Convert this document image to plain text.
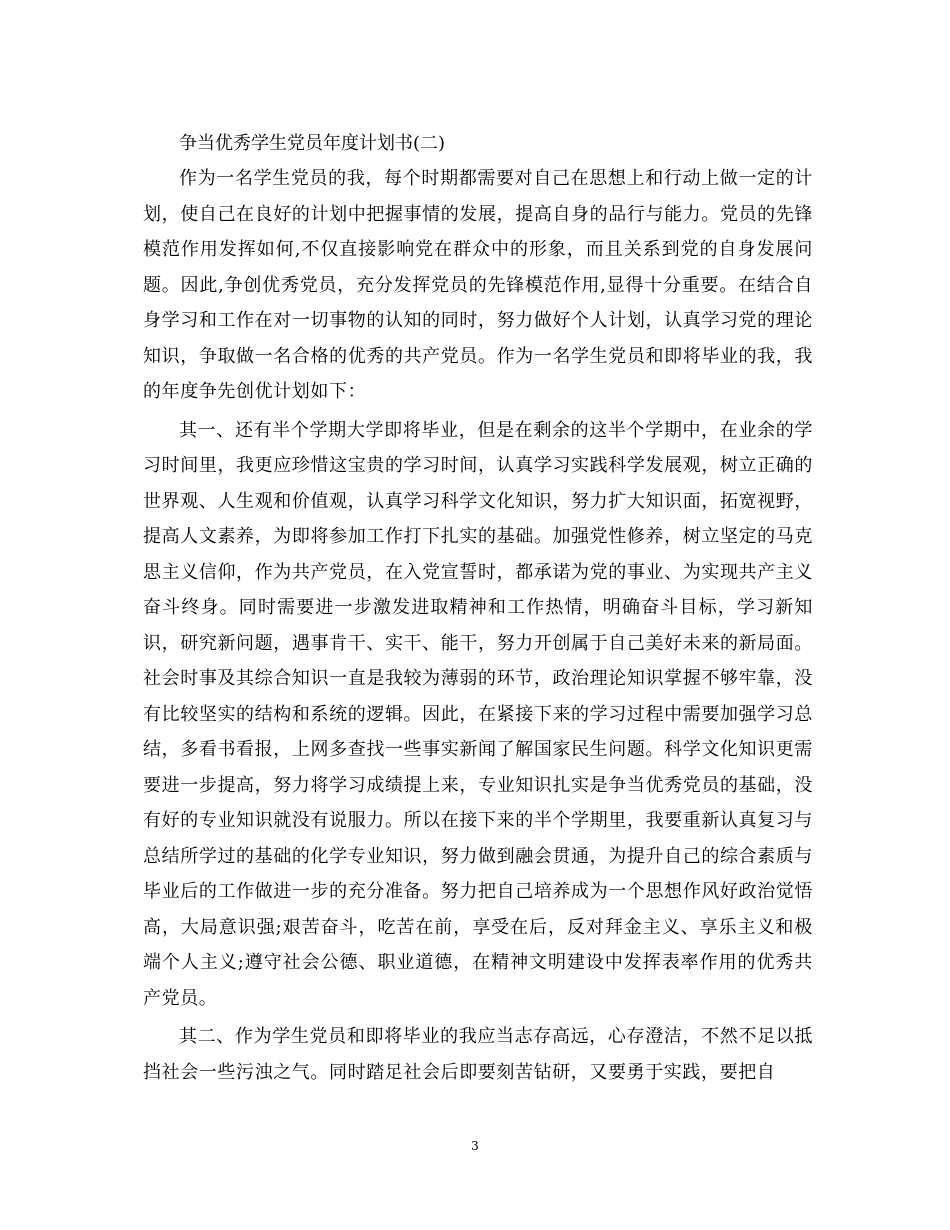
争当优秀学生党员年度计划书(二)

作为一名学生党员的我，每个时期都需要对自己在思想上和行动上做一定的计划，使自己在良好的计划中把握事情的发展，提高自身的品行与能力。党员的先锋模范作用发挥如何,不仅直接影响党在群众中的形象，而且关系到党的自身发展问题。因此,争创优秀党员，充分发挥党员的先锋模范作用,显得十分重要。在结合自身学习和工作在对一切事物的认知的同时，努力做好个人计划，认真学习党的理论知识，争取做一名合格的优秀的共产党员。作为一名学生党员和即将毕业的我，我的年度争先创优计划如下：

其一、还有半个学期大学即将毕业，但是在剩余的这半个学期中，在业余的学习时间里，我更应珍惜这宝贵的学习时间，认真学习实践科学发展观，树立正确的世界观、人生观和价值观，认真学习科学文化知识，努力扩大知识面，拓宽视野，提高人文素养，为即将参加工作打下扎实的基础。加强党性修养，树立坚定的马克思主义信仰，作为共产党员，在入党宣誓时，都承诺为党的事业、为实现共产主义奋斗终身。同时需要进一步激发进取精神和工作热情，明确奋斗目标，学习新知识，研究新问题，遇事肯干、实干、能干，努力开创属于自己美好未来的新局面。社会时事及其综合知识一直是我较为薄弱的环节，政治理论知识掌握不够牢靠，没有比较坚实的结构和系统的逻辑。因此，在紧接下来的学习过程中需要加强学习总结，多看书看报，上网多查找一些事实新闻了解国家民生问题。科学文化知识更需要进一步提高，努力将学习成绩提上来，专业知识扎实是争当优秀党员的基础，没有好的专业知识就没有说服力。所以在接下来的半个学期里，我要重新认真复习与总结所学过的基础的化学专业知识，努力做到融会贯通，为提升自己的综合素质与毕业后的工作做进一步的充分准备。努力把自己培养成为一个思想作风好政治觉悟高，大局意识强;艰苦奋斗，吃苦在前，享受在后，反对拜金主义、享乐主义和极端个人主义;遵守社会公德、职业道德，在精神文明建设中发挥表率作用的优秀共产党员。

其二、作为学生党员和即将毕业的我应当志存高远，心存澄洁，不然不足以抵挡社会一些污浊之气。同时踏足社会后即要刻苦钻研，又要勇于实践，要把自

3
